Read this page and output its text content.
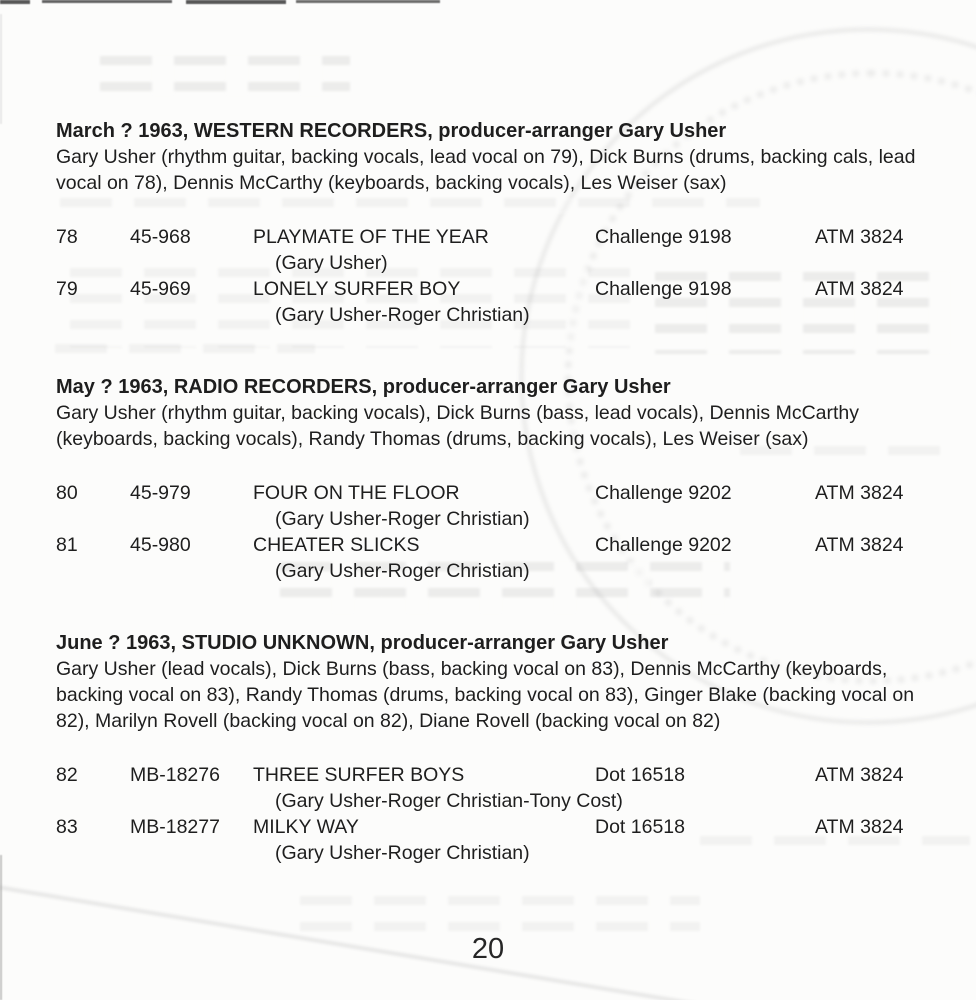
March ? 1963, WESTERN RECORDERS, producer-arranger Gary Usher
Gary Usher (rhythm guitar, backing vocals, lead vocal on 79), Dick Burns (drums, backing cals, lead vocal on 78), Dennis McCarthy (keyboards, backing vocals), Les Weiser (sax)
78	45-968	PLAYMATE OF THE YEAR	Challenge 9198	ATM 3824
(Gary Usher)
79	45-969	LONELY SURFER BOY	Challenge 9198	ATM 3824
(Gary Usher-Roger Christian)
May ? 1963, RADIO RECORDERS, producer-arranger Gary Usher
Gary Usher (rhythm guitar, backing vocals), Dick Burns (bass, lead vocals), Dennis McCarthy (keyboards, backing vocals), Randy Thomas (drums, backing vocals), Les Weiser (sax)
80	45-979	FOUR ON THE FLOOR	Challenge 9202	ATM 3824
(Gary Usher-Roger Christian)
81	45-980	CHEATER SLICKS	Challenge 9202	ATM 3824
(Gary Usher-Roger Christian)
June ? 1963, STUDIO UNKNOWN, producer-arranger Gary Usher
Gary Usher (lead vocals), Dick Burns (bass, backing vocal on 83), Dennis McCarthy (keyboards, backing vocal on 83), Randy Thomas (drums, backing vocal on 83), Ginger Blake (backing vocal on 82), Marilyn Rovell (backing vocal on 82), Diane Rovell (backing vocal on 82)
82	MB-18276	THREE SURFER BOYS	Dot 16518	ATM 3824
(Gary Usher-Roger Christian-Tony Cost)
83	MB-18277	MILKY WAY	Dot 16518	ATM 3824
(Gary Usher-Roger Christian)
20
